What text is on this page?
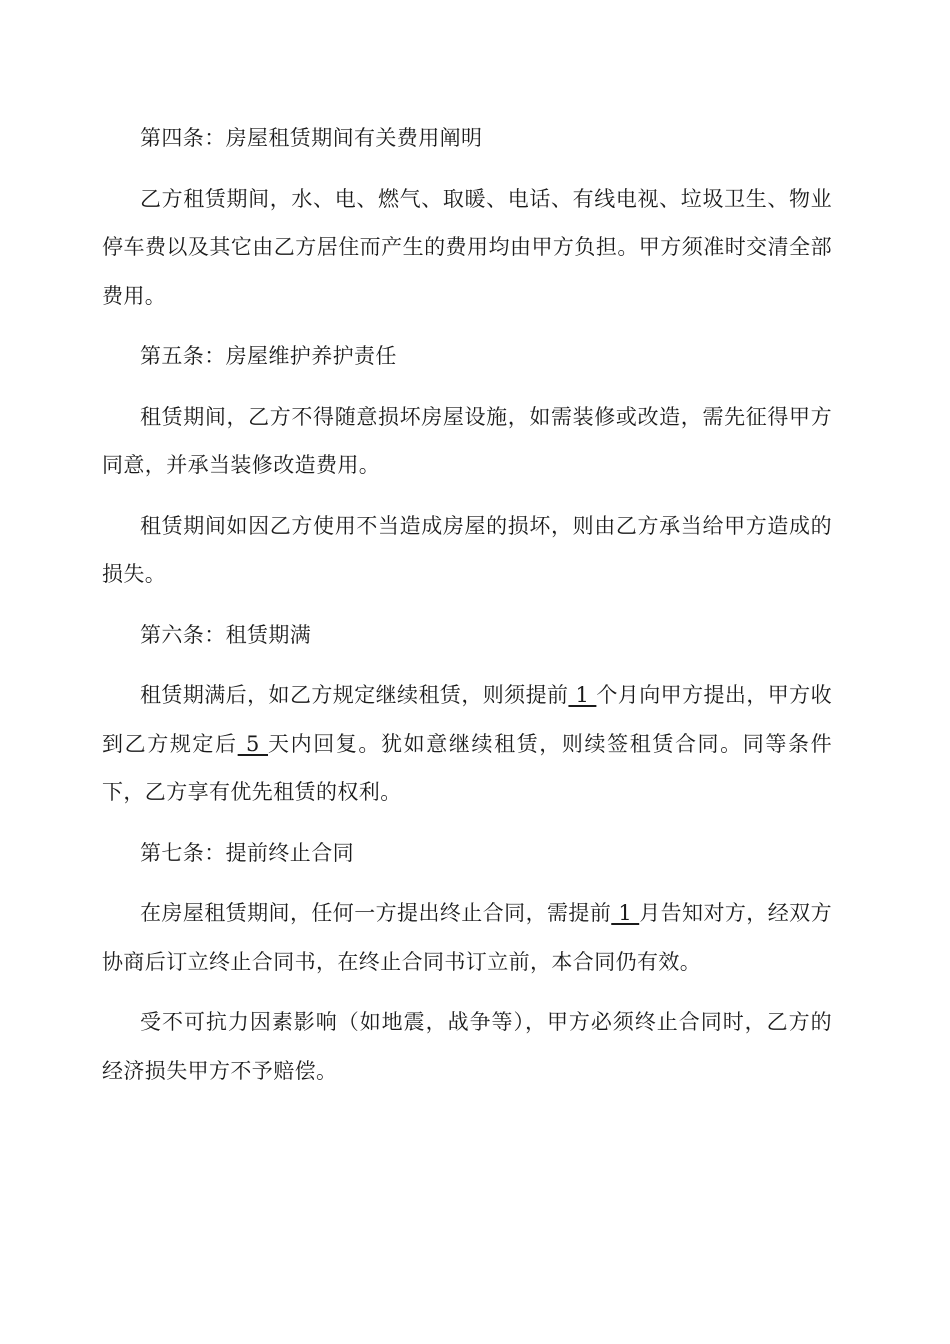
第四条：房屋租赁期间有关费用阐明

乙方租赁期间，水、电、燃气、取暖、电话、有线电视、垃圾卫生、物业停车费以及其它由乙方居住而产生的费用均由甲方负担。甲方须准时交清全部费用。

第五条：房屋维护养护责任

租赁期间，乙方不得随意损坏房屋设施，如需装修或改造，需先征得甲方同意，并承当装修改造费用。

租赁期间如因乙方使用不当造成房屋的损坏，则由乙方承当给甲方造成的损失。

第六条：租赁期满

租赁期满后，如乙方规定继续租赁，则须提前 1 个月向甲方提出，甲方收到乙方规定后 5 天内回复。犹如意继续租赁，则续签租赁合同。同等条件下，乙方享有优先租赁的权利。

第七条：提前终止合同

在房屋租赁期间，任何一方提出终止合同，需提前 1 月告知对方，经双方协商后订立终止合同书，在终止合同书订立前，本合同仍有效。

受不可抗力因素影响（如地震，战争等），甲方必须终止合同时，乙方的经济损失甲方不予赔偿。
